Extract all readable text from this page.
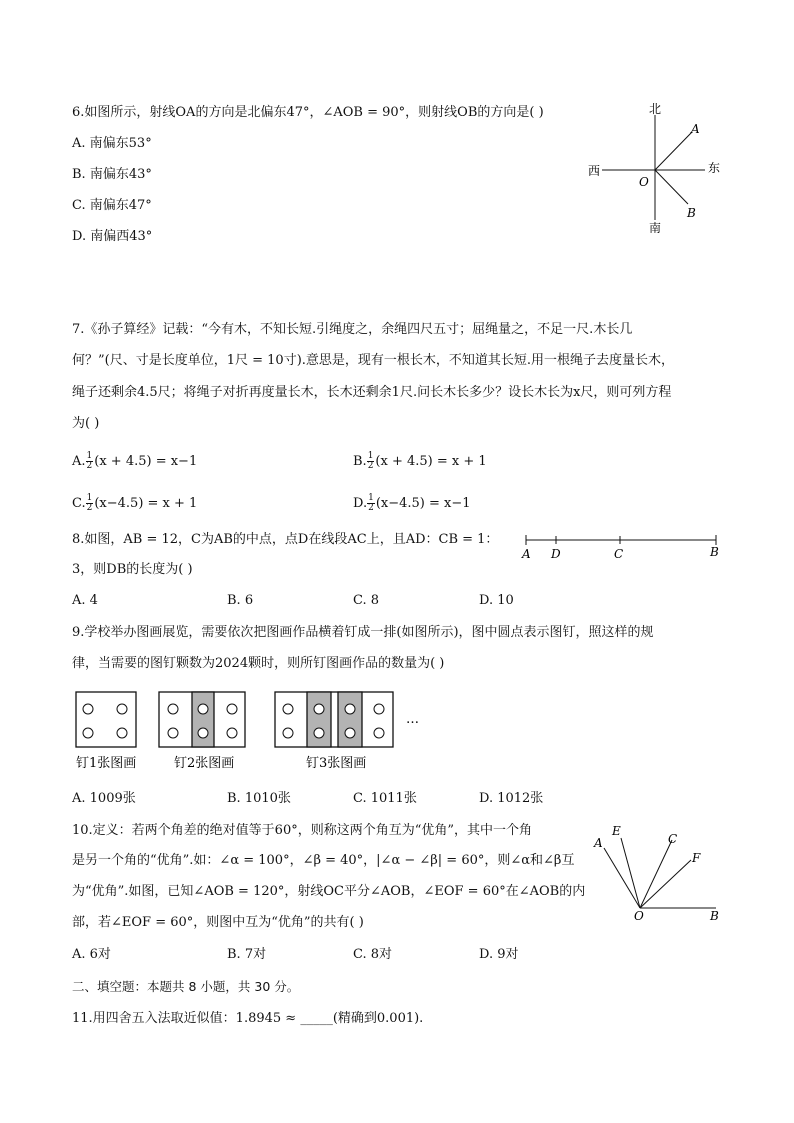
6.如图所示，射线OA的方向是北偏东47°，∠AOB = 90°，则射线OB的方向是( )
A. 南偏东53°
B. 南偏东43°
C. 南偏东47°
D. 南偏西43°
北
南
西	东
A
B
O
7.《孙子算经》记载：“今有木，不知长短.引绳度之，余绳四尺五寸；屈绳量之，不足一尺.木长几
何？”(尺、寸是长度单位，1尺 = 10寸).意思是，现有一根长木，不知道其长短.用一根绳子去度量长木，
绳子还剩余4.5尺；将绳子对折再度量长木，长木还剩余1尺.问长木长多少？设长木长为x尺，则可列方程
为( )
A. $\frac{1}{2} (x + 4.5) = x-1$	B. $\frac{1}{2} (x + 4.5) = x + 1$
C. $\frac{1}{2} (x-4.5) = x + 1$	D. $\frac{1}{2} (x-4.5) = x-1$
8.如图，AB = 12，C为AB的中点，点D在线段AC上，且AD：CB = 1：
3，则DB的长度为( )
A D	C	B
A. 4	B. 6	C. 8	D. 10
9.学校举办图画展览，需要依次把图画作品横着钉成一排(如图所示)，图中圆点表示图钉，照这样的规
律，当需要的图钉颗数为2024颗时，则所钉图画作品的数量为( )
…
钉1张图画	钉2张图画	钉3张图画
A. 1009张	B. 1010张	C. 1011张	D. 1012张
10.定义：若两个角差的绝对值等于60°，则称这两个角互为“优角”，其中一个角
是另一个角的“优角”.如：∠α = 100°，∠β = 40°，|∠α − ∠β| = 60°，则∠α和∠β互
为“优角”.如图，已知∠AOB = 120°，射线OC平分∠AOB，∠EOF = 60°在∠AOB的内
部，若∠EOF = 60°，则图中互为“优角”的共有( )
A
E
C
F
O	B
A. 6对	B. 7对	C. 8对	D. 9对
二、填空题：本题共 8 小题，共 30 分。
11.用四舍五入法取近似值：1.8945 ≈ _____(精确到0.001).
